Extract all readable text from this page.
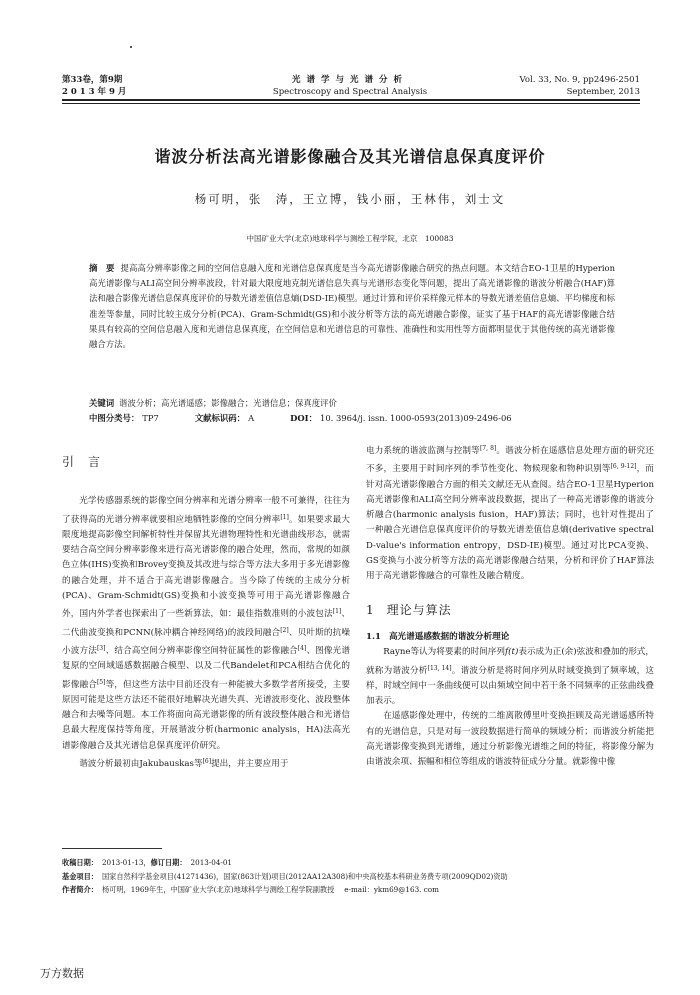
第33卷，第9期
2 0 1 3 年 9 月
光谱学与光谱分析
Spectroscopy and Spectral Analysis
Vol. 33, No. 9, pp2496-2501
September, 2013
谐波分析法高光谱影像融合及其光谱信息保真度评价
杨可明，张　涛，王立博，钱小丽，王林伟，刘士文
中国矿业大学(北京)地球科学与测绘工程学院，北京　100083
摘　要 提高高分辨率影像之间的空间信息融入度和光谱信息保真度是当今高光谱影像融合研究的热点问题。本文结合EO-1卫星的Hyperion高光谱影像与ALI高空间分辨率波段，针对最大限度地克制光谱信息失真与光谱形态变化等问题，提出了高光谱影像的谐波分析融合(HAF)算法和融合影像光谱信息保真度评价的导数光谱差值信息熵(DSD-IE)模型。通过计算和评价采样像元样本的导数光谱差值信息熵、平均梯度和标准差等参量，同时比较主成分分析(PCA)、Gram-Schmidt(GS)和小波分析等方法的高光谱融合影像，证实了基于HAF的高光谱影像融合结果具有较高的空间信息融入度和光谱信息保真度，在空间信息和光谱信息的可靠性、准确性和实用性等方面都明显优于其他传统的高光谱影像融合方法。
关键词 谐波分析；高光谱遥感；影像融合；光谱信息；保真度评价
中图分类号： TP7	文献标识码： A	DOI： 10. 3964/j. issn. 1000-0593(2013)09-2496-06
引　言

光学传感器系统的影像空间分辨率和光谱分辨率一般不可兼得，往往为了获得高的光谱分辨率就要相应地牺牲影像的空间分辨率[1]。如果要求最大限度地提高影像空间解析特性并保留其光谱物理特性和光谱曲线形态，就需要结合高空间分辨率影像来进行高光谱影像的融合处理，然而，常规的如颜色立体(IHS)变换和Brovey变换及其改进与综合等方法大多用于多光谱影像的融合处理，并不适合于高光谱影像融合。当今除了传统的主成分分析(PCA)、Gram-Schmidt(GS)变换和小波变换等可用于高光谱影像融合外，国内外学者也探索出了一些新算法，如：最佳指数准则的小波包法[1]、二代曲波变换和PCNN(脉冲耦合神经网络)的波段间融合[2]、贝叶斯的抗噪小波方法[3]、结合高空间分辨率影像空间特征属性的影像融合[4]、图像光谱复原的空间域遥感数据融合模型、以及二代Bandelet和PCA相结合优化的影像融合[5]等，但这些方法中目前还没有一种能被大多数学者所接受，主要原因可能是这些方法还不能很好地解决光谱失真、光谱波形变化、波段整体融合和去噪等问题。本工作将面向高光谱影像的所有波段整体融合和光谱信息最大程度保持等角度，开展谐波分析(harmonic analysis，HA)法高光谱影像融合及其光谱信息保真度评价研究。

谐波分析最初由Jakubauskas等[6]提出，并主要应用于

电力系统的谐波监测与控制等[7, 8]。谐波分析在遥感信息处理方面的研究还不多，主要用于时间序列的季节性变化、物候现象和物种识别等[6, 9-12]，而针对高光谱影像融合方面的相关文献还无从查阅。结合EO-1卫星Hyperion高光谱影像和ALI高空间分辨率波段数据，提出了一种高光谱影像的谐波分析融合(harmonic analysis fusion，HAF)算法；同时，也针对性提出了一种融合光谱信息保真度评价的导数光谱差值信息熵(derivative spectral D-value's information entropy，DSD-IE)模型。通过对比PCA变换、GS变换与小波分析等方法的高光谱影像融合结果，分析和评价了HAF算法用于高光谱影像融合的可靠性及融合精度。

1 理论与算法
1.1 高光谱遥感数据的谐波分析理论

Rayne等认为将要素的时间序列f(t)表示成为正(余)弦波和叠加的形式，就称为谐波分析[13, 14]。谐波分析是将时间序列从时域变换到了频率域，这样，时域空间中一条曲线便可以由频域空间中若干条不同频率的正弦曲线叠加表示。

在遥感影像处理中，传统的二维离散傅里叶变换拒顾及高光谱遥感所特有的光谱信息，只是对每一波段数据进行简单的频域分析；而谐波分析能把高光谱影像变换到光谱维，通过分析影像光谱维之间的特征，将影像分解为由谐波余项、振幅和相位等组成的谐波特征成分分量。就影像中像

收稿日期： 2013-01-13，修订日期： 2013-04-01
基金项目： 国家自然科学基金项目(41271436)，国家(863计划)项目(2012AA12A308)和中央高校基本科研业务费专项(2009QD02)资助
作者简介： 杨可明，1969年生，中国矿业大学(北京)地球科学与测绘工程学院副教授 e-mail：ykm69@163. com
万方数据
